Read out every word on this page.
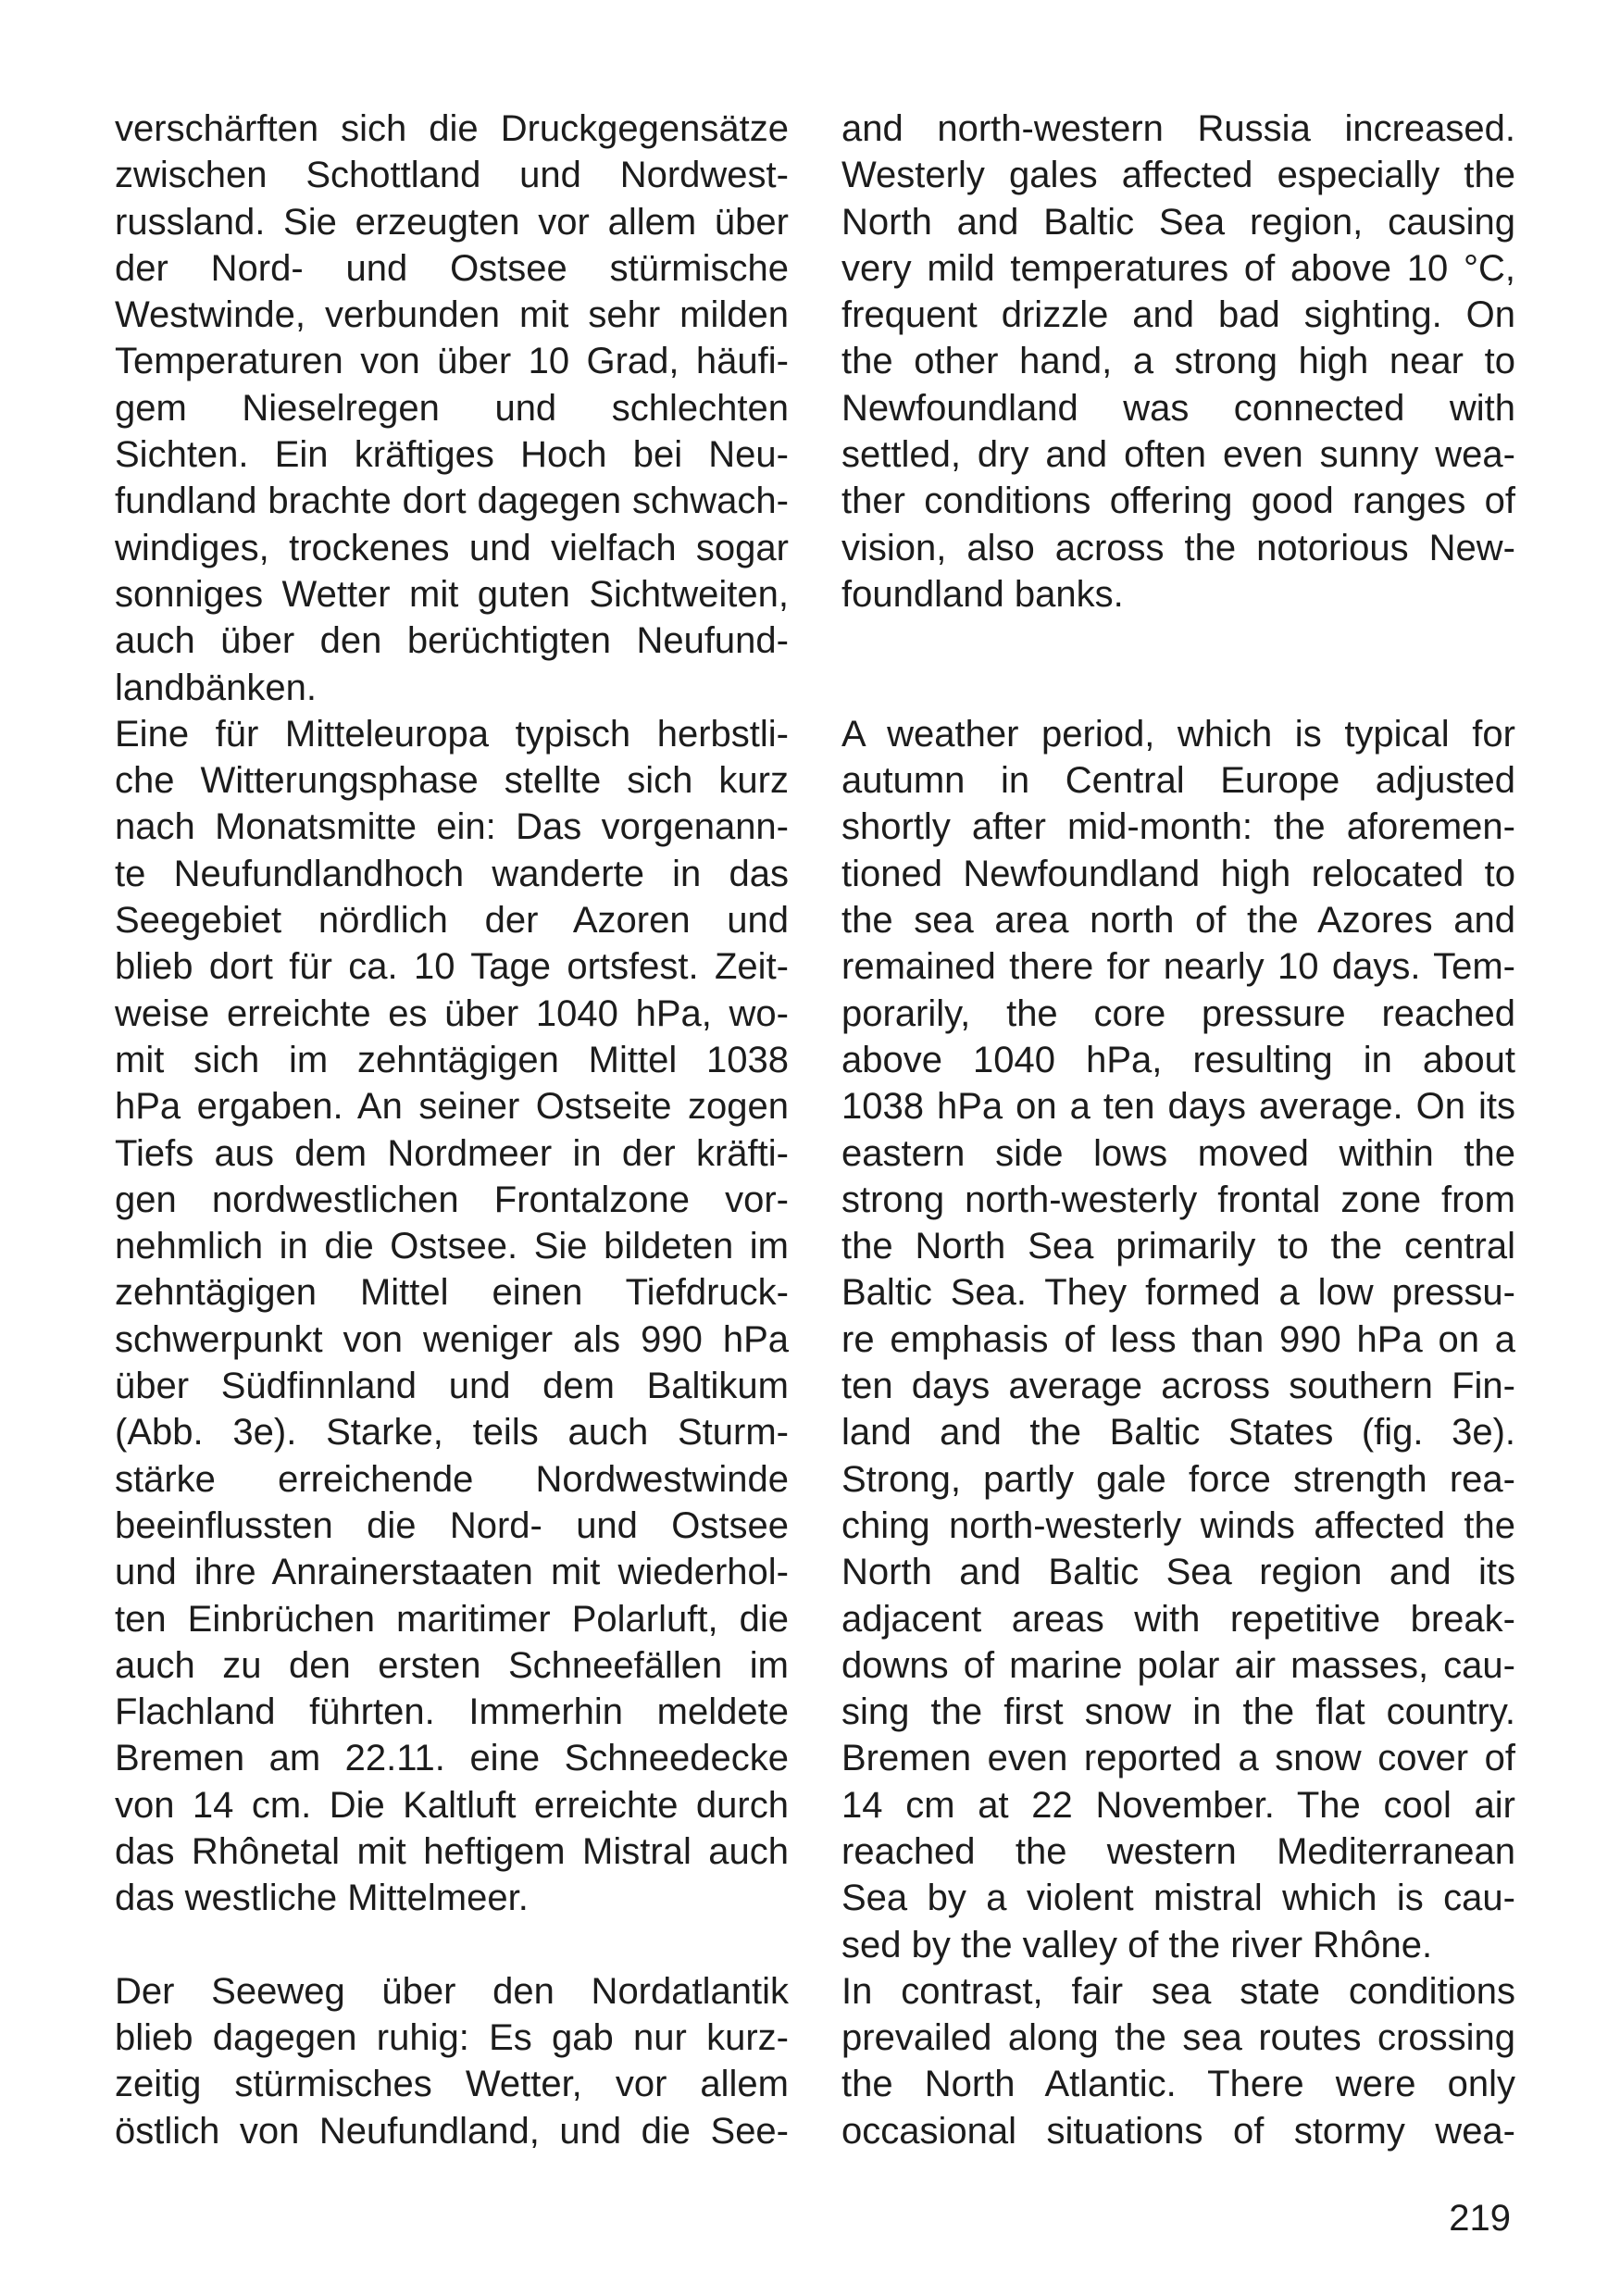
verschärften sich die Druckgegensätze
zwischen Schottland und Nordwest-
russland. Sie erzeugten vor allem über
der Nord- und Ostsee stürmische
Westwinde, verbunden mit sehr milden
Temperaturen von über 10 Grad, häufi-
gem Nieselregen und schlechten
Sichten. Ein kräftiges Hoch bei Neu-
fundland brachte dort dagegen schwach-
windiges, trockenes und vielfach sogar
sonniges Wetter mit guten Sichtweiten,
auch über den berüchtigten Neufund-
landbänken.
Eine für Mitteleuropa typisch herbstli-
che Witterungsphase stellte sich kurz
nach Monatsmitte ein: Das vorgenann-
te Neufundlandhoch wanderte in das
Seegebiet nördlich der Azoren und
blieb dort für ca. 10 Tage ortsfest. Zeit-
weise erreichte es über 1040 hPa, wo-
mit sich im zehntägigen Mittel 1038
hPa ergaben. An seiner Ostseite zogen
Tiefs aus dem Nordmeer in der kräfti-
gen nordwestlichen Frontalzone vor-
nehmlich in die Ostsee. Sie bildeten im
zehntägigen Mittel einen Tiefdruck-
schwerpunkt von weniger als 990 hPa
über Südfinnland und dem Baltikum
(Abb. 3e). Starke, teils auch Sturm-
stärke erreichende Nordwestwinde
beeinflussten die Nord- und Ostsee
und ihre Anrainerstaaten mit wiederhol-
ten Einbrüchen maritimer Polarluft, die
auch zu den ersten Schneefällen im
Flachland führten. Immerhin meldete
Bremen am 22.11. eine Schneedecke
von 14 cm. Die Kaltluft erreichte durch
das Rhônetal mit heftigem Mistral auch
das westliche Mittelmeer.
Der Seeweg über den Nordatlantik
blieb dagegen ruhig: Es gab nur kurz-
zeitig stürmisches Wetter, vor allem
östlich von Neufundland, und die See-
and north-western Russia increased.
Westerly gales affected especially the
North and Baltic Sea region, causing
very mild temperatures of above 10 °C,
frequent drizzle and bad sighting. On
the other hand, a strong high near to
Newfoundland was connected with
settled, dry and often even sunny wea-
ther conditions offering good ranges of
vision, also across the notorious New-
foundland banks.
A weather period, which is typical for
autumn in Central Europe adjusted
shortly after mid-month: the aforemen-
tioned Newfoundland high relocated to
the sea area north of the Azores and
remained there for nearly 10 days. Tem-
porarily, the core pressure reached
above 1040 hPa, resulting in about
1038 hPa on a ten days average. On its
eastern side lows moved within the
strong north-westerly frontal zone from
the North Sea primarily to the central
Baltic Sea. They formed a low pressu-
re emphasis of less than 990 hPa on a
ten days average across southern Fin-
land and the Baltic States (fig. 3e).
Strong, partly gale force strength rea-
ching north-westerly winds affected the
North and Baltic Sea region and its
adjacent areas with repetitive break-
downs of marine polar air masses, cau-
sing the first snow in the flat country.
Bremen even reported a snow cover of
14 cm at 22 November. The cool air
reached the western Mediterranean
Sea by a violent mistral which is cau-
sed by the valley of the river Rhône.
In contrast, fair sea state conditions
prevailed along the sea routes crossing
the North Atlantic. There were only
occasional situations of stormy wea-
219
